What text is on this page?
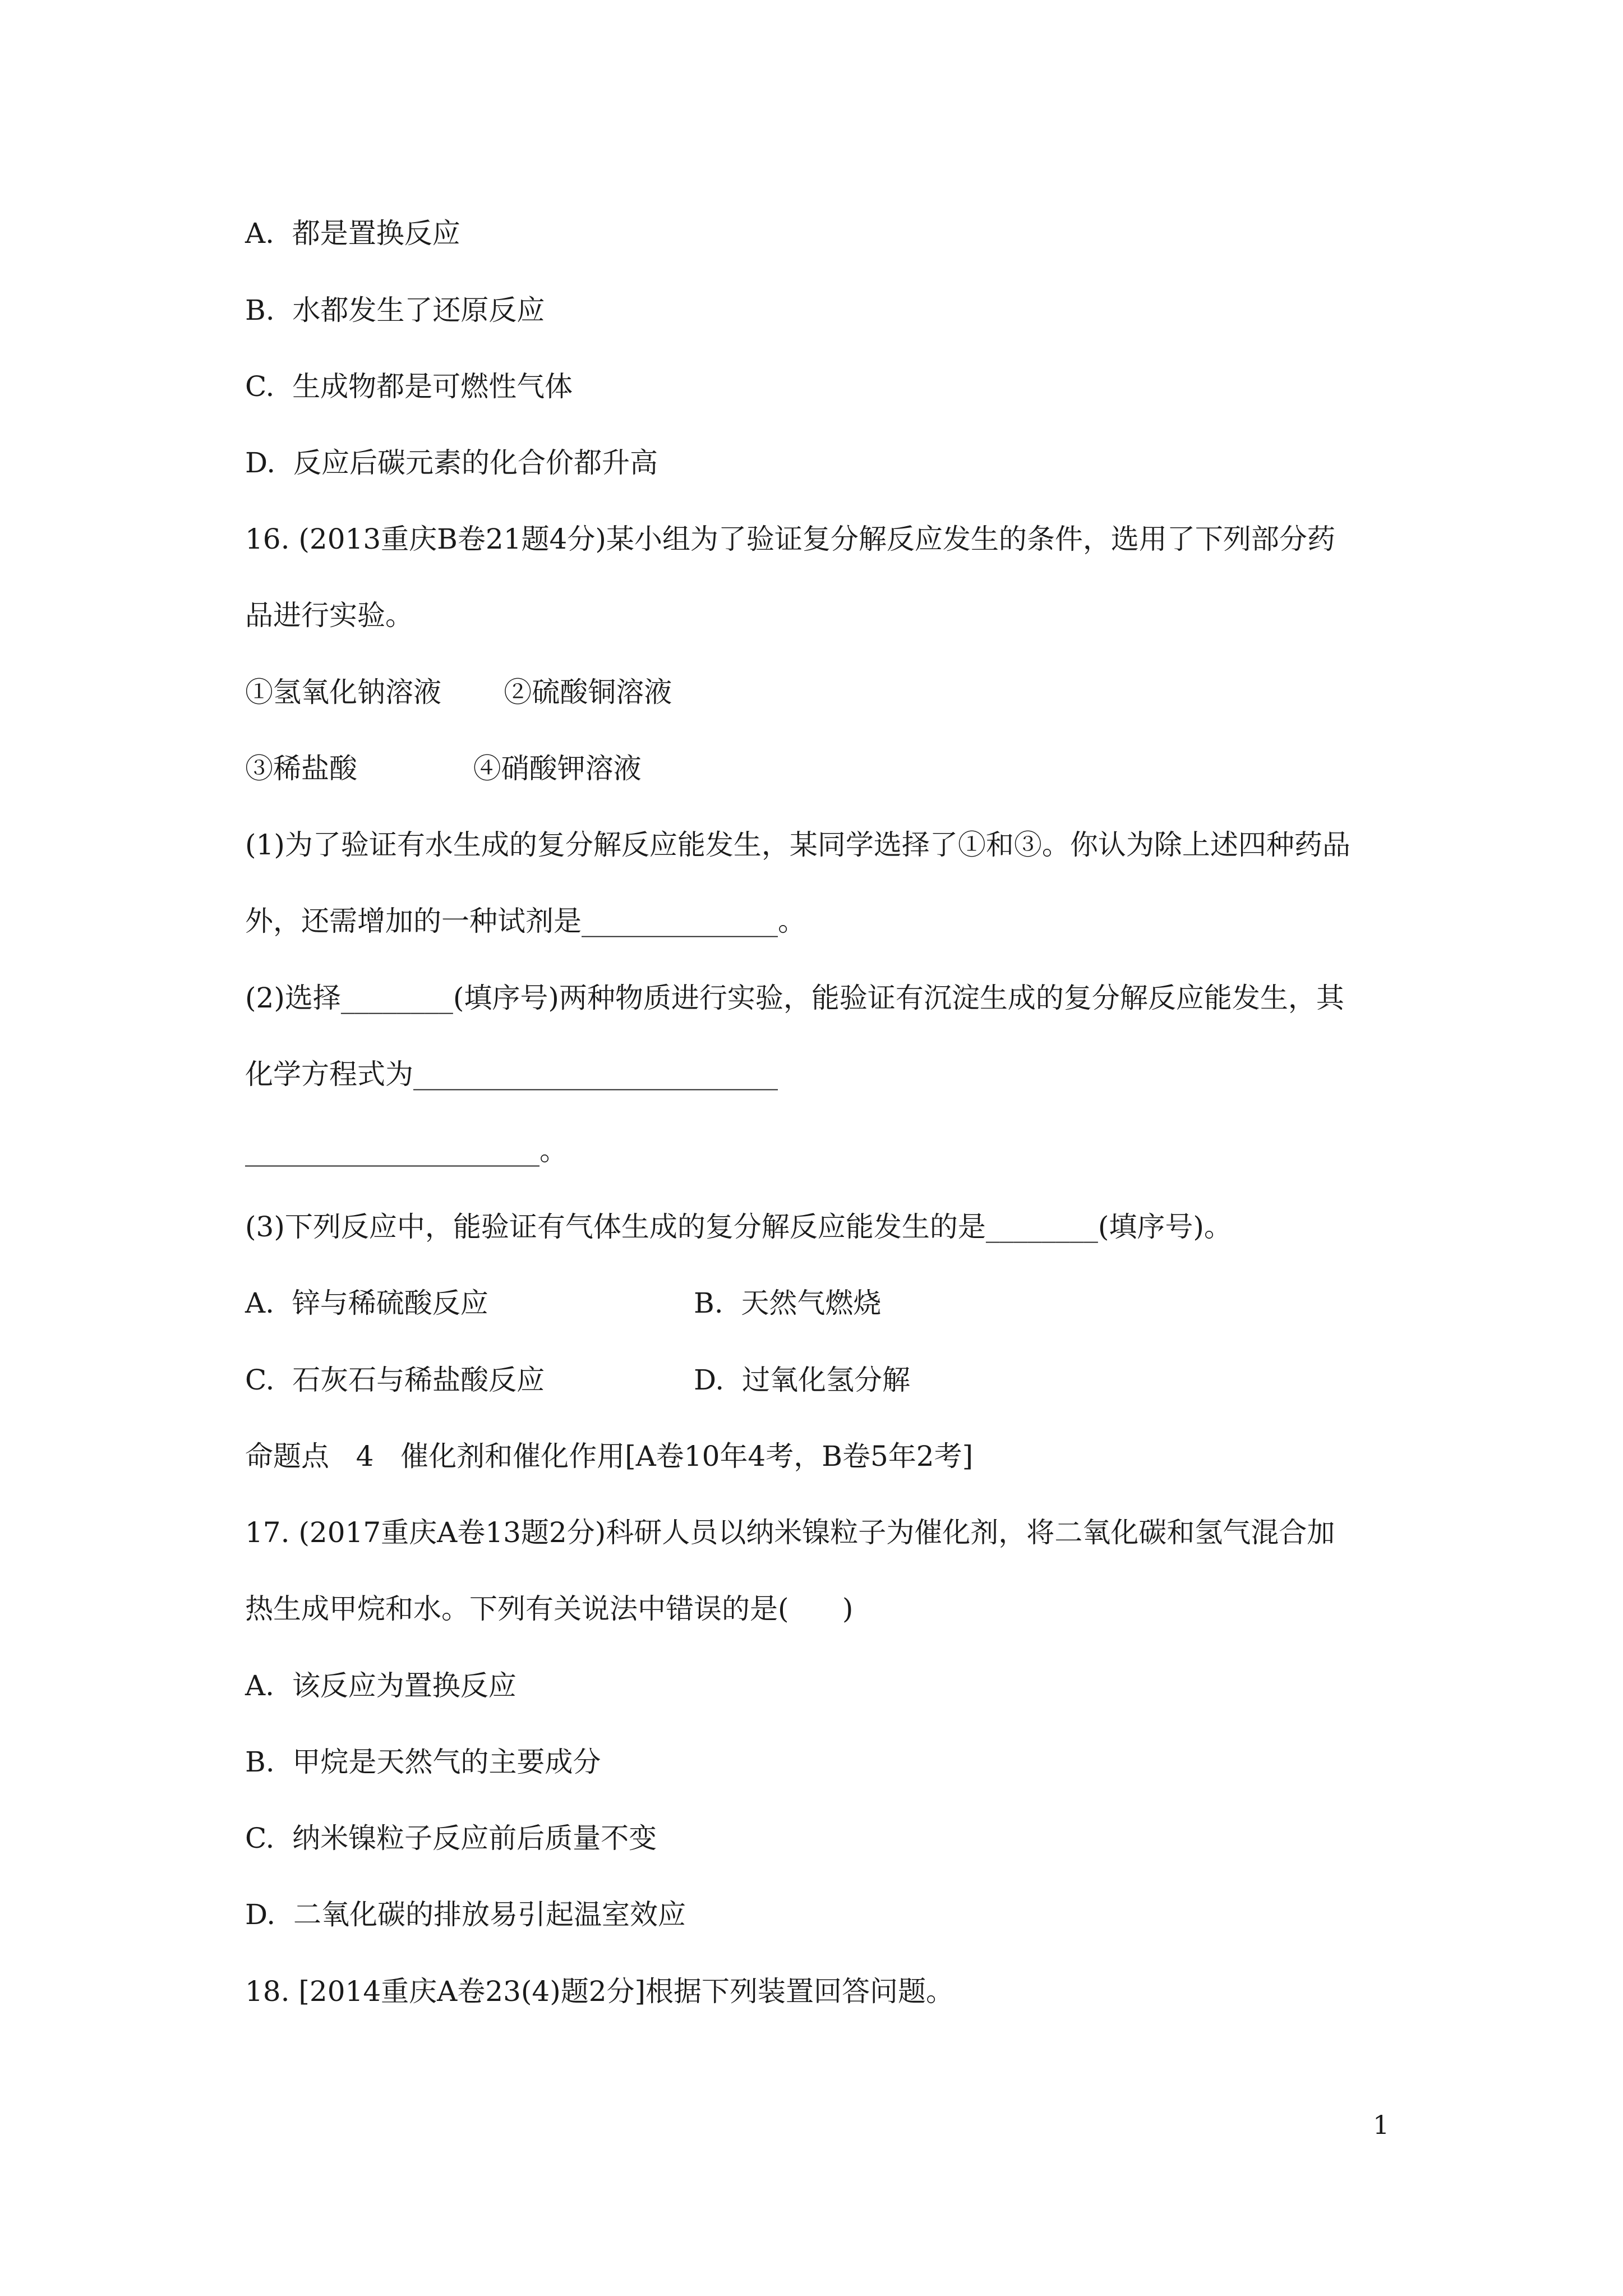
A.  都是置换反应
B.  水都发生了还原反应
C.  生成物都是可燃性气体
D.  反应后碳元素的化合价都升高
16. (2013重庆B卷21题4分)某小组为了验证复分解反应发生的条件，选用了下列部分药
品进行实验。
①氢氧化钠溶液       ②硫酸铜溶液
③稀盐酸             ④硝酸钾溶液
(1)为了验证有水生成的复分解反应能发生，某同学选择了①和③。你认为除上述四种药品
外，还需增加的一种试剂是______________。
(2)选择________(填序号)两种物质进行实验，能验证有沉淀生成的复分解反应能发生，其
化学方程式为__________________________
_____________________。
(3)下列反应中，能验证有气体生成的复分解反应能发生的是________(填序号)。
A.  锌与稀硫酸反应	B.  天然气燃烧
C.  石灰石与稀盐酸反应	D.  过氧化氢分解
命题点   4   催化剂和催化作用[A卷10年4考，B卷5年2考]
17. (2017重庆A卷13题2分)科研人员以纳米镍粒子为催化剂，将二氧化碳和氢气混合加
热生成甲烷和水。下列有关说法中错误的是(      )
A.  该反应为置换反应
B.  甲烷是天然气的主要成分
C.  纳米镍粒子反应前后质量不变
D.  二氧化碳的排放易引起温室效应
18. [2014重庆A卷23(4)题2分]根据下列装置回答问题。
1
